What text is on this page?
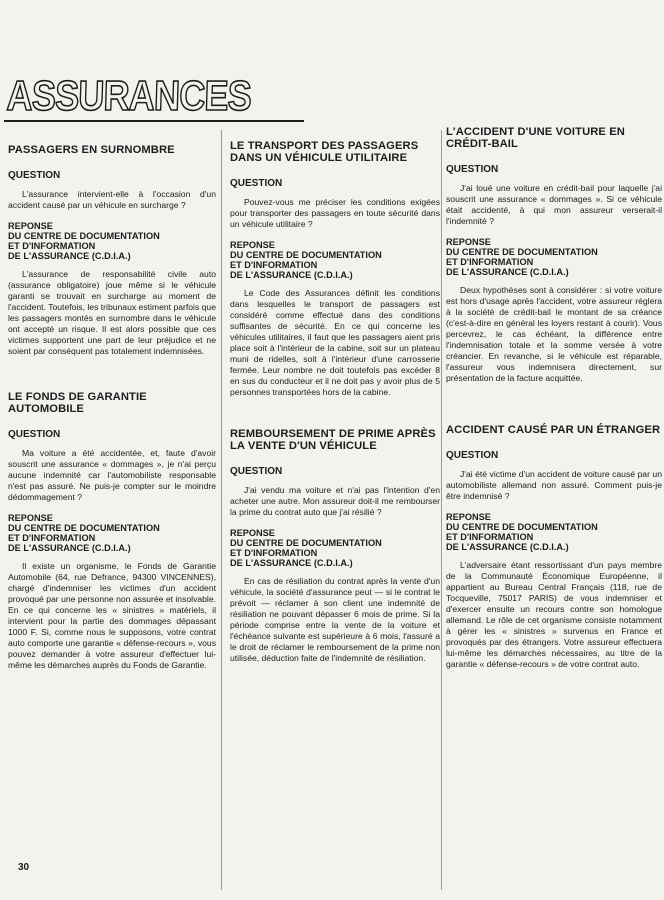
ASSURANCES
PASSAGERS EN SURNOMBRE
QUESTION

L'assurance intervient-elle à l'occasion d'un accident causé par un véhicule en surcharge ?

REPONSE
DU CENTRE DE DOCUMENTATION
ET D'INFORMATION
DE L'ASSURANCE (C.D.I.A.)

L'assurance de responsabilité civile auto (assurance obligatoire) joue même si le véhicule garanti se trouvait en surcharge au moment de l'accident. Toutefois, les tribunaux estiment parfois que les passagers montés en surnombre dans le véhicule ont accepté un risque. Il est alors possible que ces victimes supportent une part de leur préjudice et ne soient par conséquent pas totalement indemnisées.

LE FONDS DE GARANTIE AUTOMOBILE
QUESTION

Ma voiture a été accidentée, et, faute d'avoir souscrit une assurance « dommages », je n'ai perçu aucune indemnité car l'automobiliste responsable n'est pas assuré. Ne puis-je compter sur le moindre dédommagement ?

REPONSE
DU CENTRE DE DOCUMENTATION
ET D'INFORMATION
DE L'ASSURANCE (C.D.I.A.)

Il existe un organisme, le Fonds de Garantie Automobile (64, rue Defrance, 94300 VINCENNES), chargé d'indemniser les victimes d'un accident provoqué par une personne non assurée et insolvable. En ce qui concerne les « sinistres » matériels, il intervient pour la partie des dommages dépassant 1000 F. Si, comme nous le supposons, votre contrat auto comporte une garantie « défense-recours », vous pouvez demander à votre assureur d'effectuer lui-même les démarches auprès du Fonds de Garantie.

LE TRANSPORT DES PASSAGERS DANS UN VÉHICULE UTILITAIRE
QUESTION

Pouvez-vous me préciser les conditions exigées pour transporter des passagers en toute sécurité dans un véhicule utilitaire ?

REPONSE
DU CENTRE DE DOCUMENTATION
ET D'INFORMATION
DE L'ASSURANCE (C.D.I.A.)

Le Code des Assurances définit les conditions dans lesquelles le transport de passagers est considéré comme effectué dans des conditions suffisantes de sécurité. En ce qui concerne les véhicules utilitaires, il faut que les passagers aient pris place soit à l'intérieur de la cabine, soit sur un plateau muni de ridelles, soit à l'intérieur d'une carrosserie fermée. Leur nombre ne doit toutefois pas excéder 8 en sus du conducteur et il ne doit pas y avoir plus de 5 personnes transportées hors de la cabine.

REMBOURSEMENT DE PRIME APRÈS LA VENTE D'UN VÉHICULE
QUESTION

J'ai vendu ma voiture et n'ai pas l'intention d'en acheter une autre. Mon assureur doit-il me rembourser la prime du contrat auto que j'ai résilié ?

REPONSE
DU CENTRE DE DOCUMENTATION
ET D'INFORMATION
DE L'ASSURANCE (C.D.I.A.)

En cas de résiliation du contrat après la vente d'un véhicule, la société d'assurance peut — si le contrat le prévoit — réclamer à son client une indemnité de résiliation ne pouvant dépasser 6 mois de prime. Si la période comprise entre la vente de la voiture et l'échéance suivante est supérieure à 6 mois, l'assuré a le droit de réclamer le remboursement de la prime non utilisée, déduction faite de l'indemnité de résiliation.

L'ACCIDENT D'UNE VOITURE EN CRÉDIT-BAIL
QUESTION

J'ai loué une voiture en crédit-bail pour laquelle j'ai souscrit une assurance « dommages ». Si ce véhicule était accidenté, à qui mon assureur verserait-il l'indemnité ?

REPONSE
DU CENTRE DE DOCUMENTATION
ET D'INFORMATION
DE L'ASSURANCE (C.D.I.A.)

Deux hypothèses sont à considérer : si votre voiture est hors d'usage après l'accident, votre assureur réglera à la société de crédit-bail le montant de sa créance (c'est-à-dire en général les loyers restant à courir). Vous percevrez, le cas échéant, la différence entre l'indemnisation totale et la somme versée à votre créancier. En revanche, si le véhicule est réparable, l'assureur vous indemnisera directement, sur présentation de la facture acquittée.

ACCIDENT CAUSÉ PAR UN ÉTRANGER
QUESTION

J'ai été victime d'un accident de voiture causé par un automobiliste allemand non assuré. Comment puis-je être indemnisé ?

REPONSE
DU CENTRE DE DOCUMENTATION
ET D'INFORMATION
DE L'ASSURANCE (C.D.I.A.)

L'adversaire étant ressortissant d'un pays membre de la Communauté Économique Européenne, il appartient au Bureau Central Français (118, rue de Tocqueville, 75017 PARIS) de vous indemniser et d'exercer ensuite un recours contre son homologue allemand. Le rôle de cet organisme consiste notamment à gérer les « sinistres » survenus en France et provoqués par des étrangers. Votre assureur effectuera lui-même les démarches nécessaires, au titre de la garantie « défense-recours » de votre contrat auto.

30
